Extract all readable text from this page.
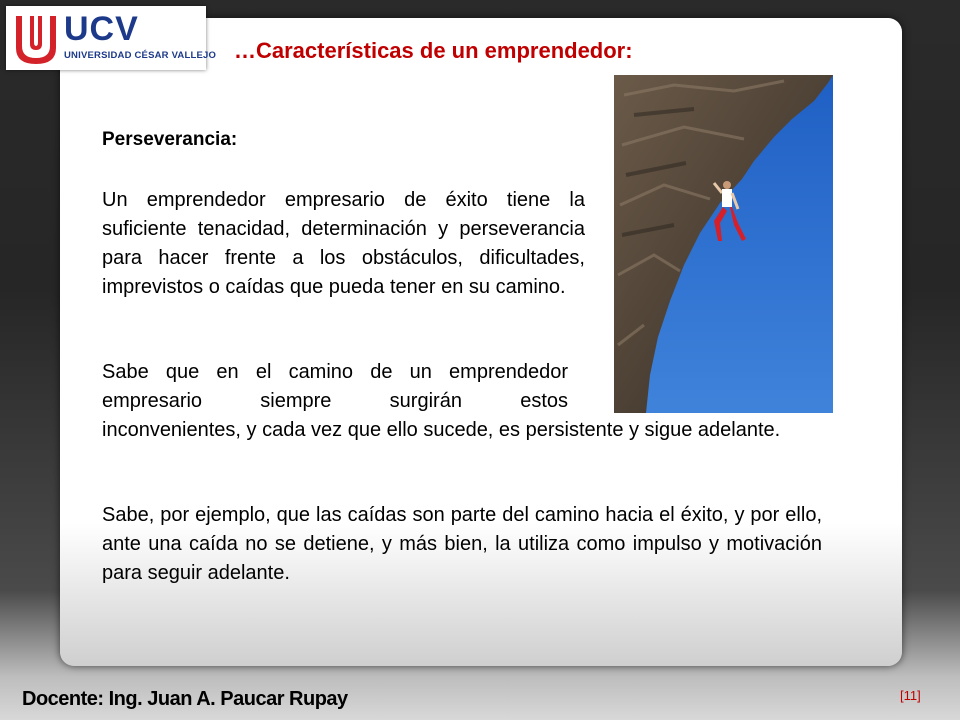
UCV
UNIVERSIDAD CÉSAR VALLEJO …Características de un emprendedor:
Perseverancia:
Un emprendedor empresario de éxito tiene la suficiente tenacidad, determinación y perseverancia para hacer frente a los obstáculos, dificultades, imprevistos o caídas que pueda tener en su camino.
Sabe que en el camino de un emprendedor
empresario siempre surgirán estos
inconvenientes, y cada vez que ello sucede, es persistente y sigue adelante.
Sabe, por ejemplo, que las caídas son parte del camino hacia el éxito, y por ello, ante una caída no se detiene, y más bien, la utiliza como impulso y motivación para seguir adelante.
Docente: Ing. Juan A. Paucar Rupay	[11]
